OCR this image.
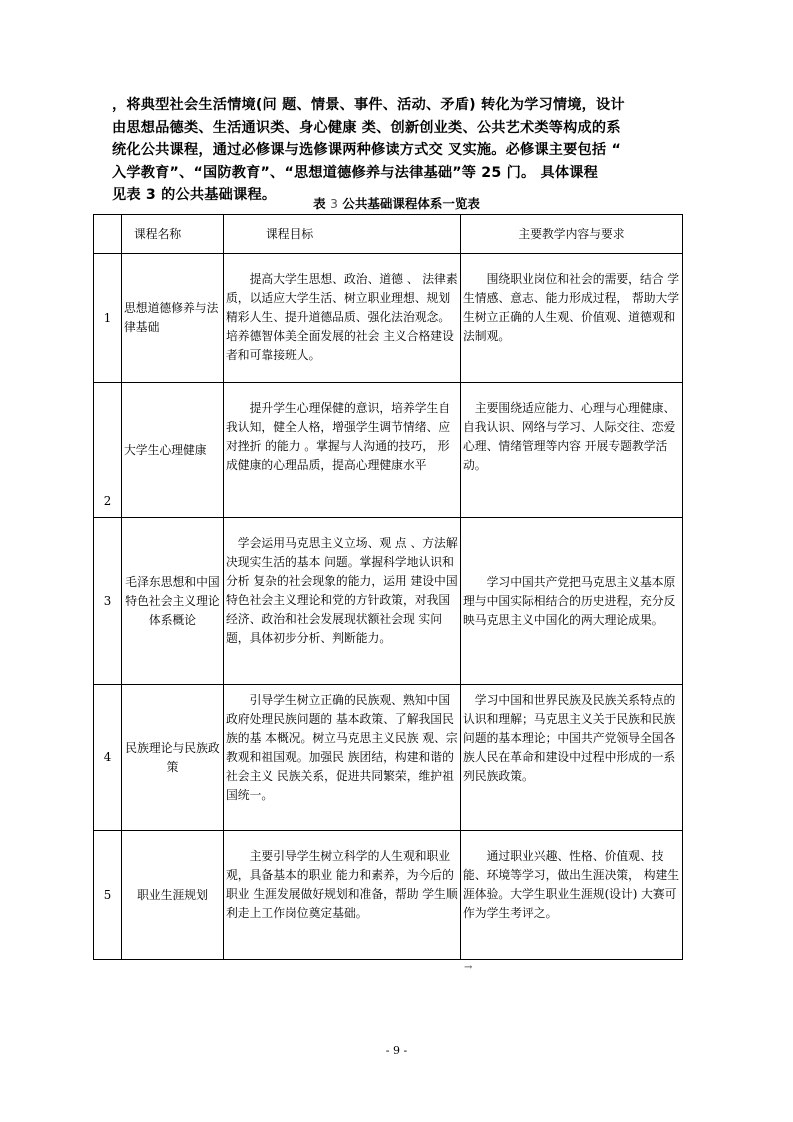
，将典型社会生活情境(问 题、情景、事件、活动、矛盾) 转化为学习情境，设计

由思想品德类、生活通识类、身心健康 类、创新创业类、公共艺术类等构成的系

统化公共课程，通过必修课与选修课两种修读方式交 叉实施。必修课主要包括 “

入学教育”、“国防教育”、“思想道德修养与法律基础”等 25 门。 具体课程

见表 3 的公共基础课程。

表 3 公共基础课程体系一览表
	课程名称	课程目标	主要教学内容与要求
1	思想道德修养与法律基础	提高大学生思想、政治、道德 、 法律素质，以适应大学生活、树立职业理想、规划精彩人生、提升道德品质、强化法治观念。 培养德智体美全面发展的社会 主义合格建设者和可靠接班人。	围绕职业岗位和社会的需要，结合 学生情感、意志、能力形成过程， 帮助大学生树立正确的人生观、价值观、道德观和法制观。
2	大学生心理健康	提升学生心理保健的意识，培养学生自我认知，健全人格，增强学生调节情绪、应对挫折 的能力 。掌握与人沟通的技巧， 形成健康的心理品质，提高心理健康水平	主要围绕适应能力、心理与心理健康、 自我认识、网络与学习、人际交往、恋爱心理、情绪管理等内容 开展专题教学活动。
3	毛泽东思想和中国特色社会主义理论体系概论	学会运用马克思主义立场、观 点 、方法解决现实生活的基本 问题。掌握科学地认识和分析 复杂的社会现象的能力，运用 建设中国特色社会主义理论和党的方针政策，对我国经济、政治和社会发展现状额社会现 实问题，具体初步分析、判断能力。	学习中国共产党把马克思主义基本原理与中国实际相结合的历史进程，充分反映马克思主义中国化的两大理论成果。
4	民族理论与民族政策	引导学生树立正确的民族观、熟知中国政府处理民族问题的 基本政策、了解我国民族的基 本概况。树立马克思主义民族 观、宗教观和祖国观。加强民 族团结，构建和谐的社会主义 民族关系，促进共同繁荣，维护祖国统一。	学习中国和世界民族及民族关系特点的认识和理解；马克思主义关于民族和民族问题的基本理论；中国共产党领导全国各族人民在革命和建设中过程中形成的一系列民族政策。
5	职业生涯规划	主要引导学生树立科学的人生观和职业观，具备基本的职业 能力和素养，为今后的职业 生涯发展做好规划和准备，帮助 学生顺利走上工作岗位奠定基础。	通过职业兴趣、性格、价值观、技能、环境等学习，做出生涯决策， 构建生涯体验。大学生职业生涯规(设计) 大赛可作为学生考评之。
→
- 9 -
